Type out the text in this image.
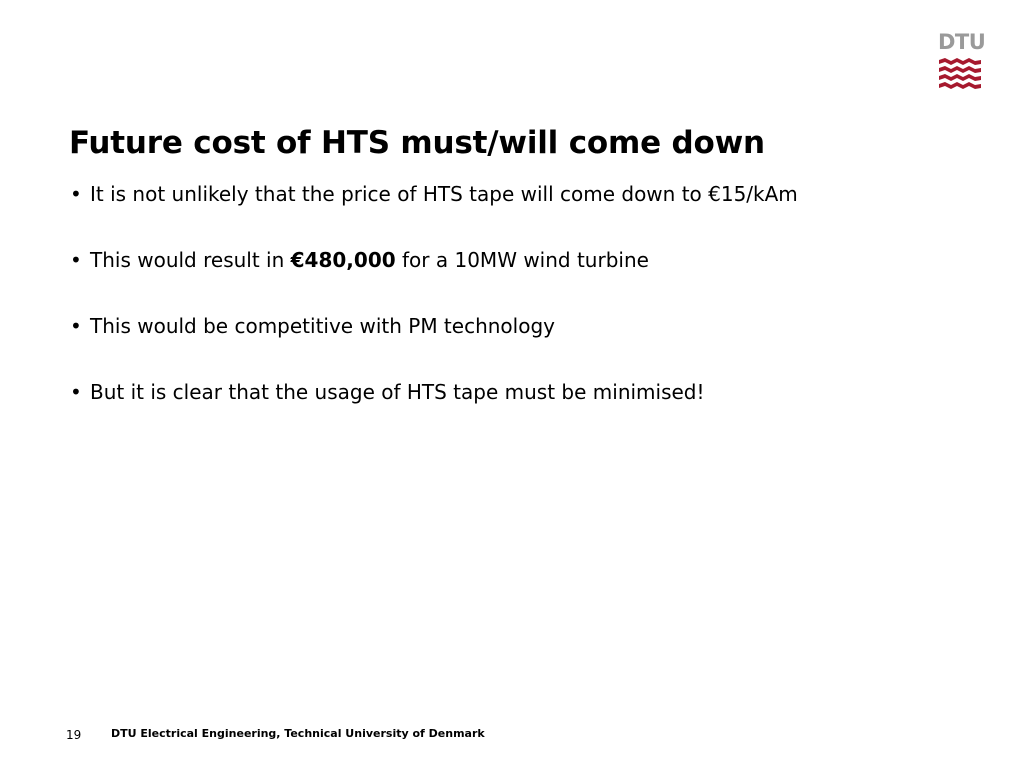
DTU
Future cost of HTS must/will come down
• It is not unlikely that the price of HTS tape will come down to €15/kAm
• This would result in €480,000 for a 10MW wind turbine
• This would be competitive with PM technology
• But it is clear that the usage of HTS tape must be minimised!
19	DTU Electrical Engineering, Technical University of Denmark
